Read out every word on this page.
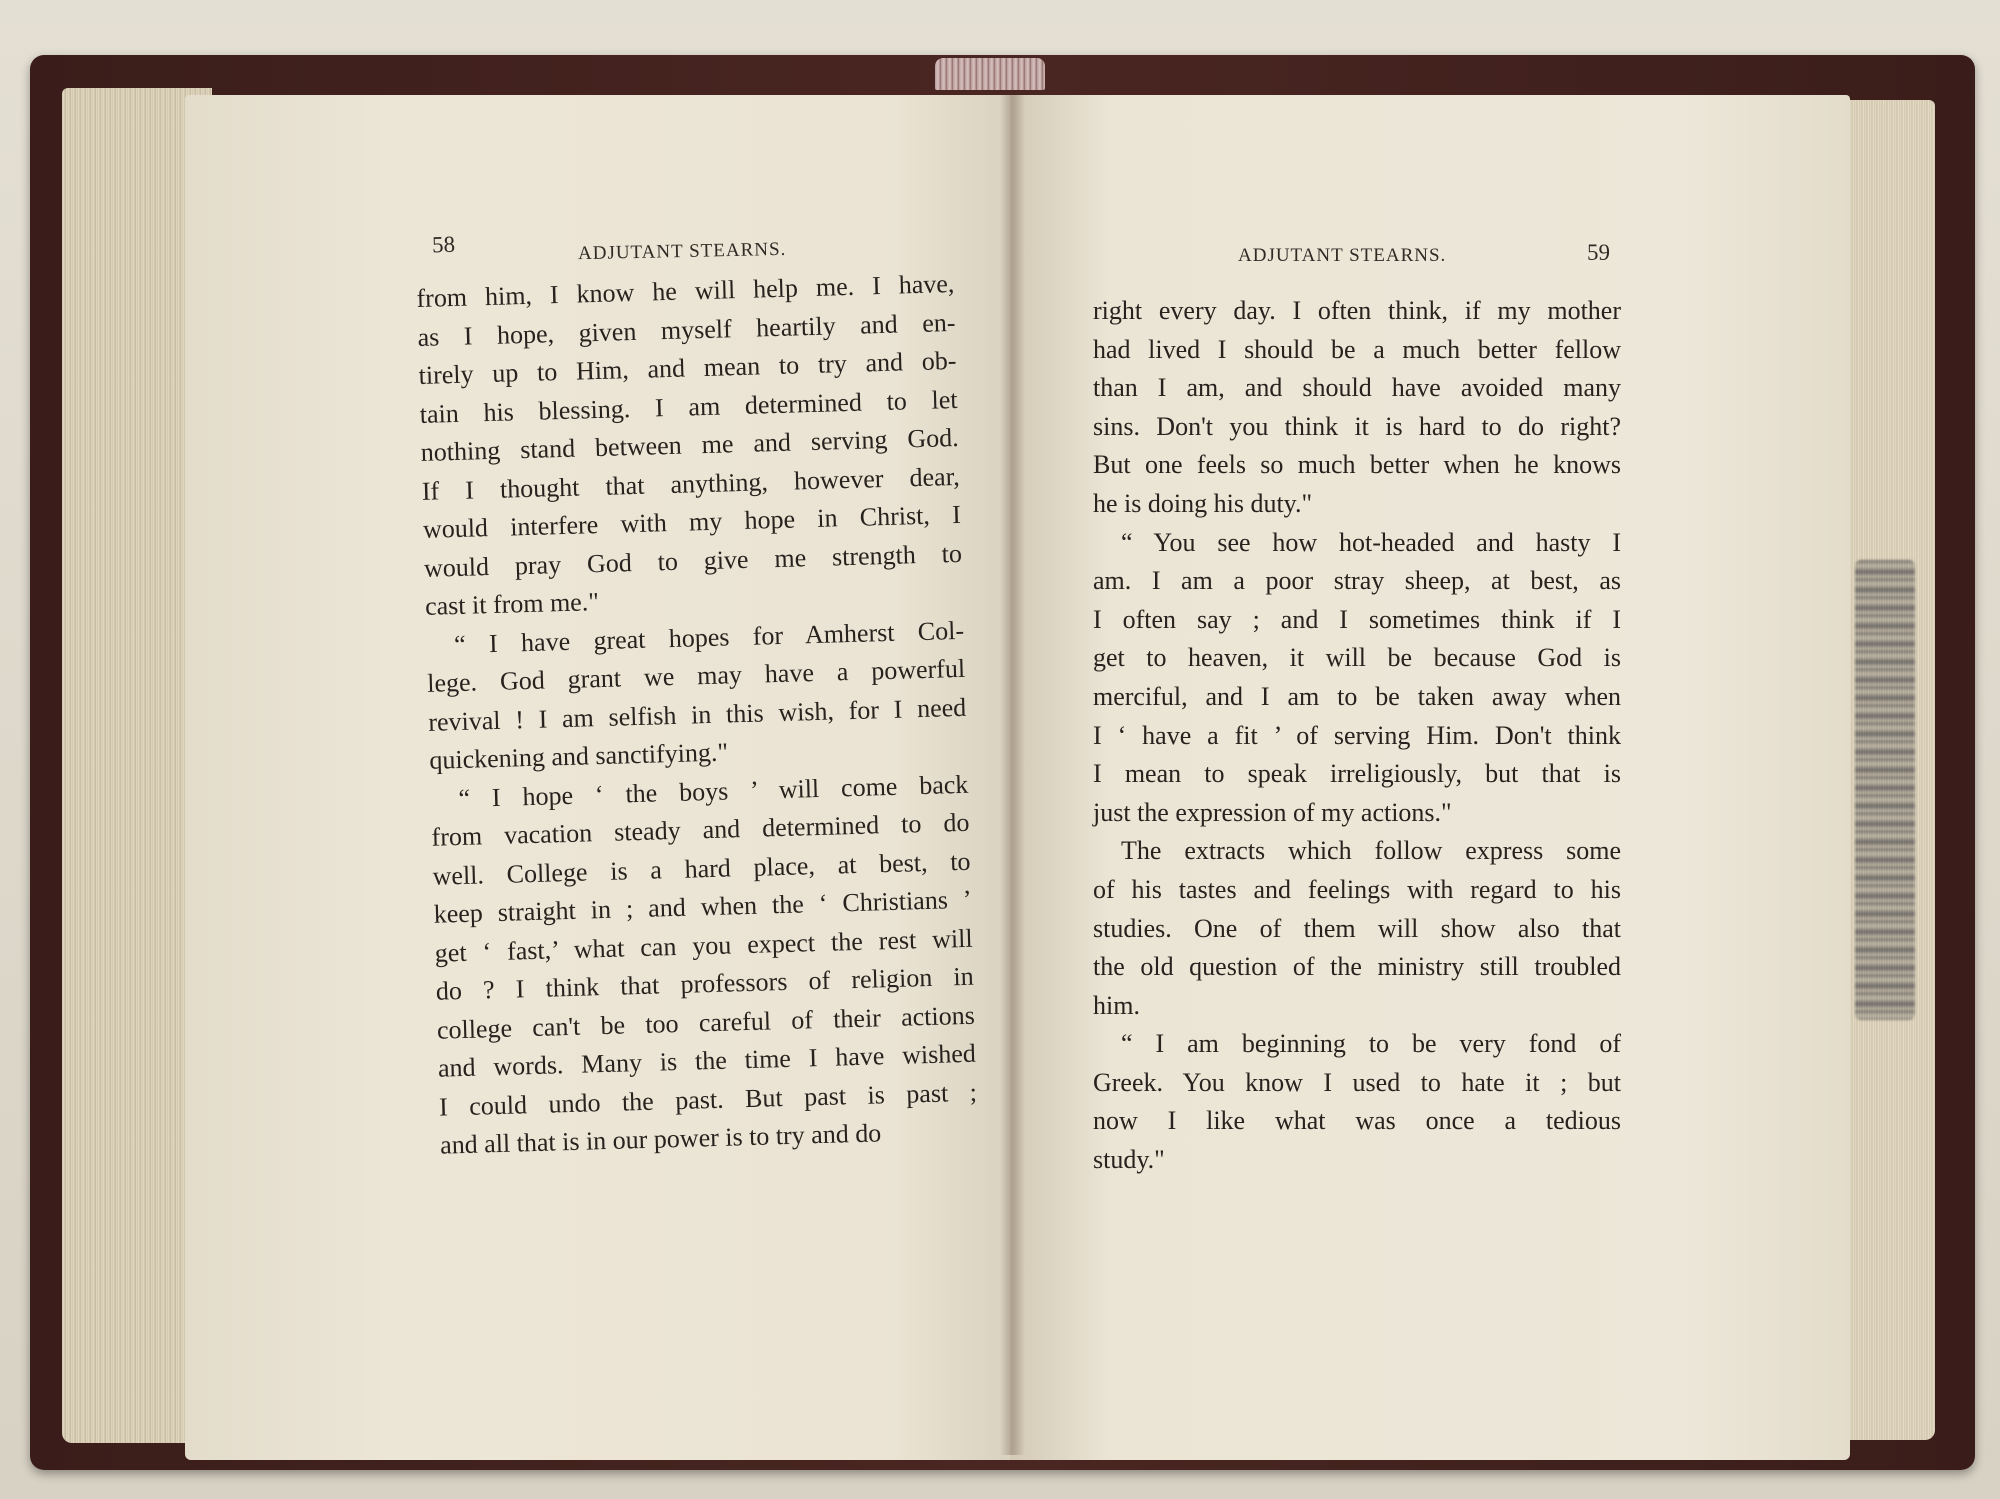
58	ADJUTANT STEARNS.	ADJUTANT STEARNS.	59
from him, I know he will help me. I have,
as I hope, given myself heartily and en-
tirely up to Him, and mean to try and ob-
tain his blessing. I am determined to let
nothing stand between me and serving God.
If I thought that anything, however dear,
would interfere with my hope in Christ, I
would pray God to give me strength to
cast it from me."
“ I have great hopes for Amherst Col-
lege. God grant we may have a powerful
revival ! I am selfish in this wish, for I need
quickening and sanctifying."
“ I hope ‘ the boys ’ will come back
from vacation steady and determined to do
well. College is a hard place, at best, to
keep straight in ; and when the ‘ Christians ’
get ‘ fast,’ what can you expect the rest will
do ? I think that professors of religion in
college can't be too careful of their actions
and words. Many is the time I have wished
I could undo the past. But past is past ;
and all that is in our power is to try and do
right every day. I often think, if my mother
had lived I should be a much better fellow
than I am, and should have avoided many
sins. Don't you think it is hard to do right?
But one feels so much better when he knows
he is doing his duty."
“ You see how hot-headed and hasty I
am. I am a poor stray sheep, at best, as
I often say ; and I sometimes think if I
get to heaven, it will be because God is
merciful, and I am to be taken away when
I ‘ have a fit ’ of serving Him. Don't think
I mean to speak irreligiously, but that is
just the expression of my actions."
The extracts which follow express some
of his tastes and feelings with regard to his
studies. One of them will show also that
the old question of the ministry still troubled
him.
“ I am beginning to be very fond of
Greek. You know I used to hate it ; but
now I like what was once a tedious
study."
